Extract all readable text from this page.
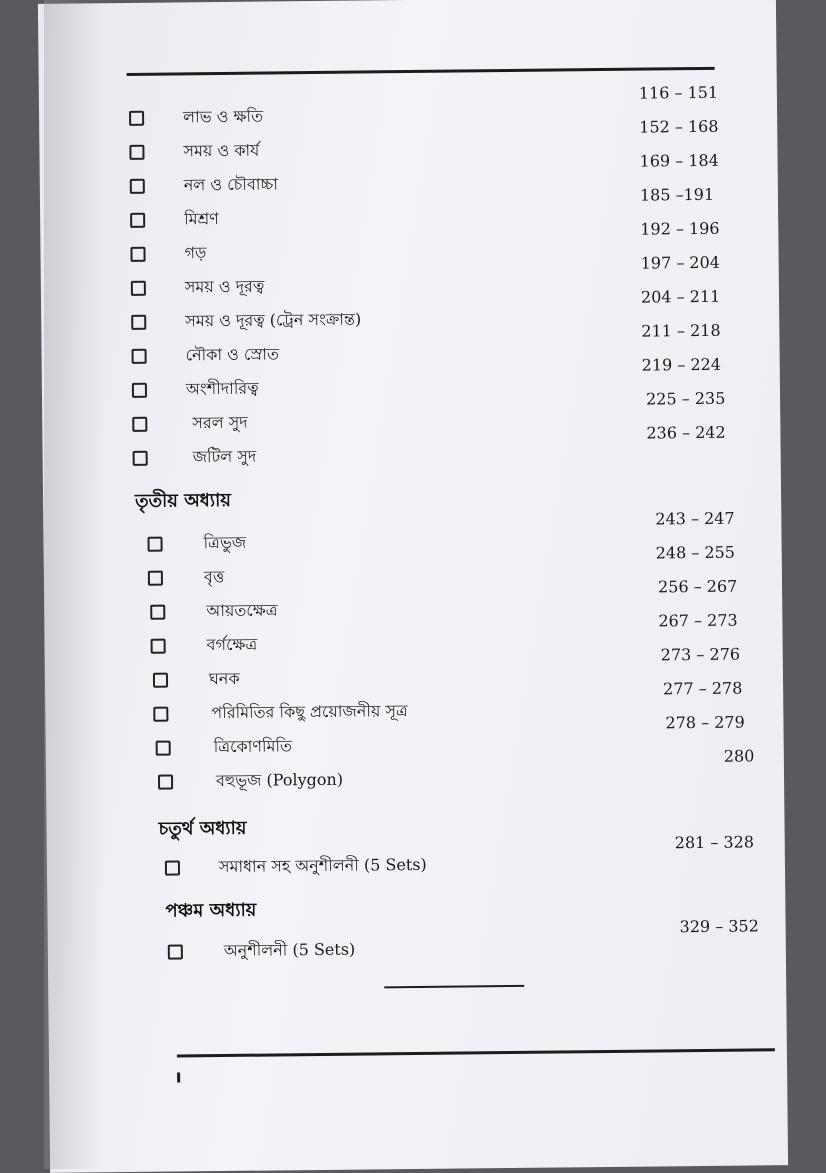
লাভ ও ক্ষতি
116 – 151
সময় ও কার্য
152 – 168
নল ও চৌবাচ্চা
169 – 184
মিশ্রণ
185 –191
গড়
192 – 196
সময় ও দূরত্ব
197 – 204
সময় ও দূরত্ব (ট্রেন সংক্রান্ত)
204 – 211
নৌকা ও স্রোত
211 – 218
অংশীদারিত্ব
219 – 224
সরল সুদ
225 – 235
জটিল সুদ
236 – 242
তৃতীয় অধ্যায়
ত্রিভুজ
243 – 247
বৃত্ত
248 – 255
আয়তক্ষেত্র
256 – 267
বর্গক্ষেত্র
267 – 273
ঘনক
273 – 276
পরিমিতির কিছু প্রয়োজনীয় সূত্র
277 – 278
ত্রিকোণমিতি
278 – 279
বহুভূজ (Polygon)
280
চতুর্থ অধ্যায়
সমাধান সহ অনুশীলনী (5 Sets)
281 – 328
পঞ্চম অধ্যায়
অনুশীলনী (5 Sets)
329 – 352
